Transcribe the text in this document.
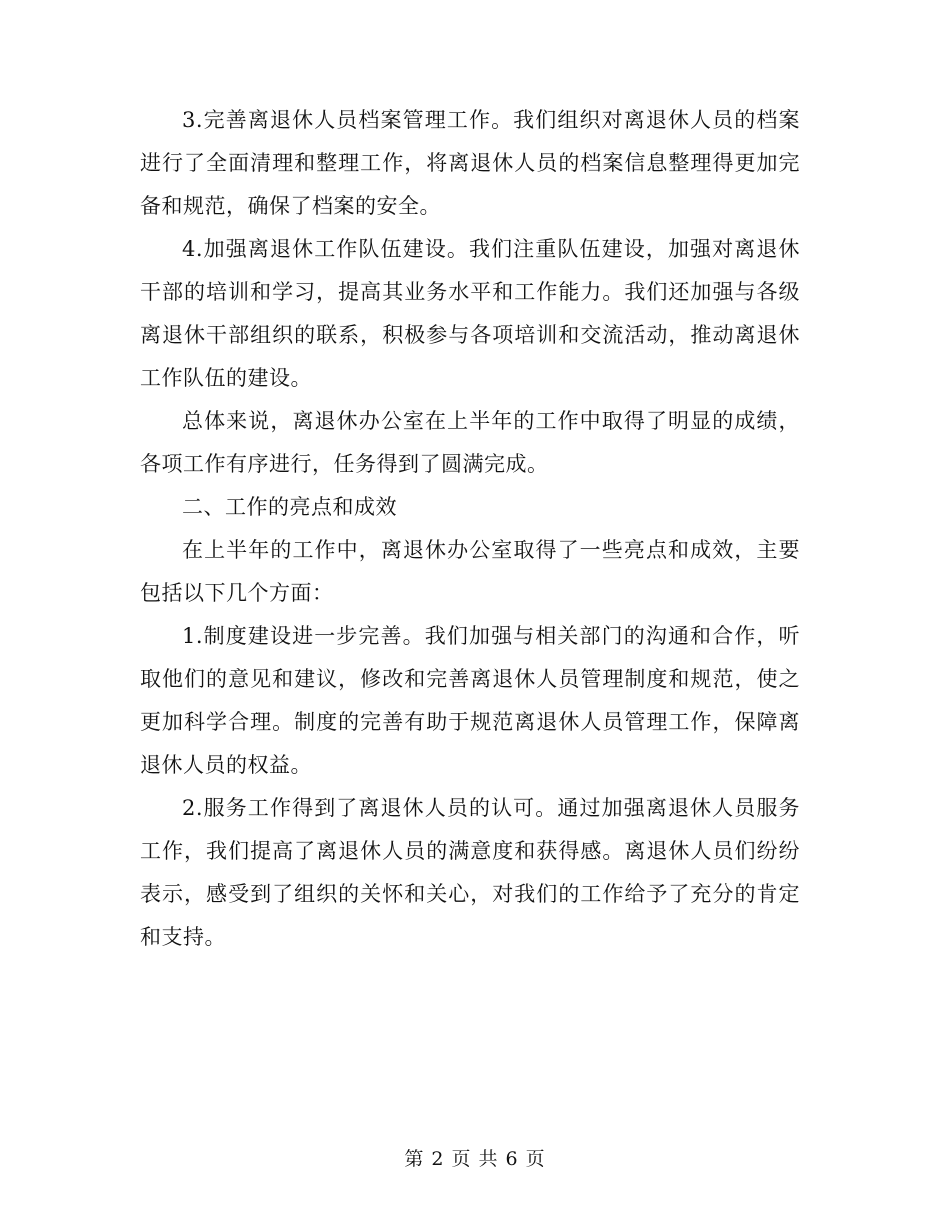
3.完善离退休人员档案管理工作。我们组织对离退休人员的档案进行了全面清理和整理工作，将离退休人员的档案信息整理得更加完备和规范，确保了档案的安全。

4.加强离退休工作队伍建设。我们注重队伍建设，加强对离退休干部的培训和学习，提高其业务水平和工作能力。我们还加强与各级离退休干部组织的联系，积极参与各项培训和交流活动，推动离退休工作队伍的建设。

总体来说，离退休办公室在上半年的工作中取得了明显的成绩，各项工作有序进行，任务得到了圆满完成。

二、工作的亮点和成效

在上半年的工作中，离退休办公室取得了一些亮点和成效，主要包括以下几个方面：

1.制度建设进一步完善。我们加强与相关部门的沟通和合作，听取他们的意见和建议，修改和完善离退休人员管理制度和规范，使之更加科学合理。制度的完善有助于规范离退休人员管理工作，保障离退休人员的权益。

2.服务工作得到了离退休人员的认可。通过加强离退休人员服务工作，我们提高了离退休人员的满意度和获得感。离退休人员们纷纷表示，感受到了组织的关怀和关心，对我们的工作给予了充分的肯定和支持。

第 2 页 共 6 页
